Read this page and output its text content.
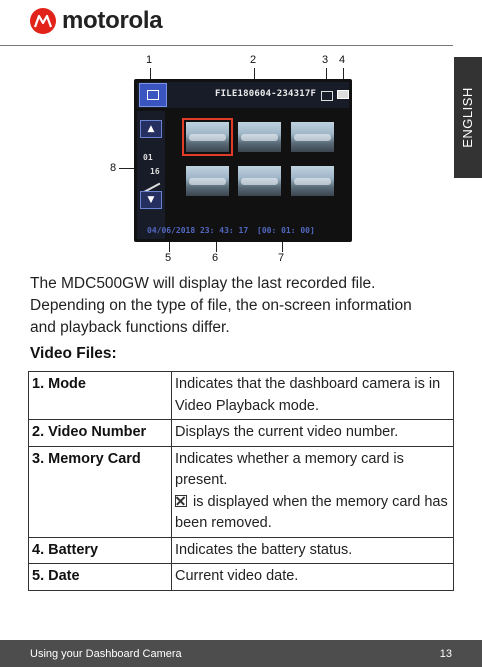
motorola
ENGLISH
1	2	3 4
5	6	7
8
FILE180604-234317F
▲
01
16
▼
04/06/2018 23: 43: 17 [00: 01: 00]
The MDC500GW will display the last recorded file. Depending on the type of file, the on-screen information and playback functions differ.
Video Files:
1. Mode	Indicates that the dashboard camera is in Video Playback mode.
2. Video Number	Displays the current video number.
3. Memory Card	Indicates whether a memory card is present.
is displayed when the memory card has been removed.

4. Battery	Indicates the battery status.
5. Date	Current video date.
Using your Dashboard Camera	13
